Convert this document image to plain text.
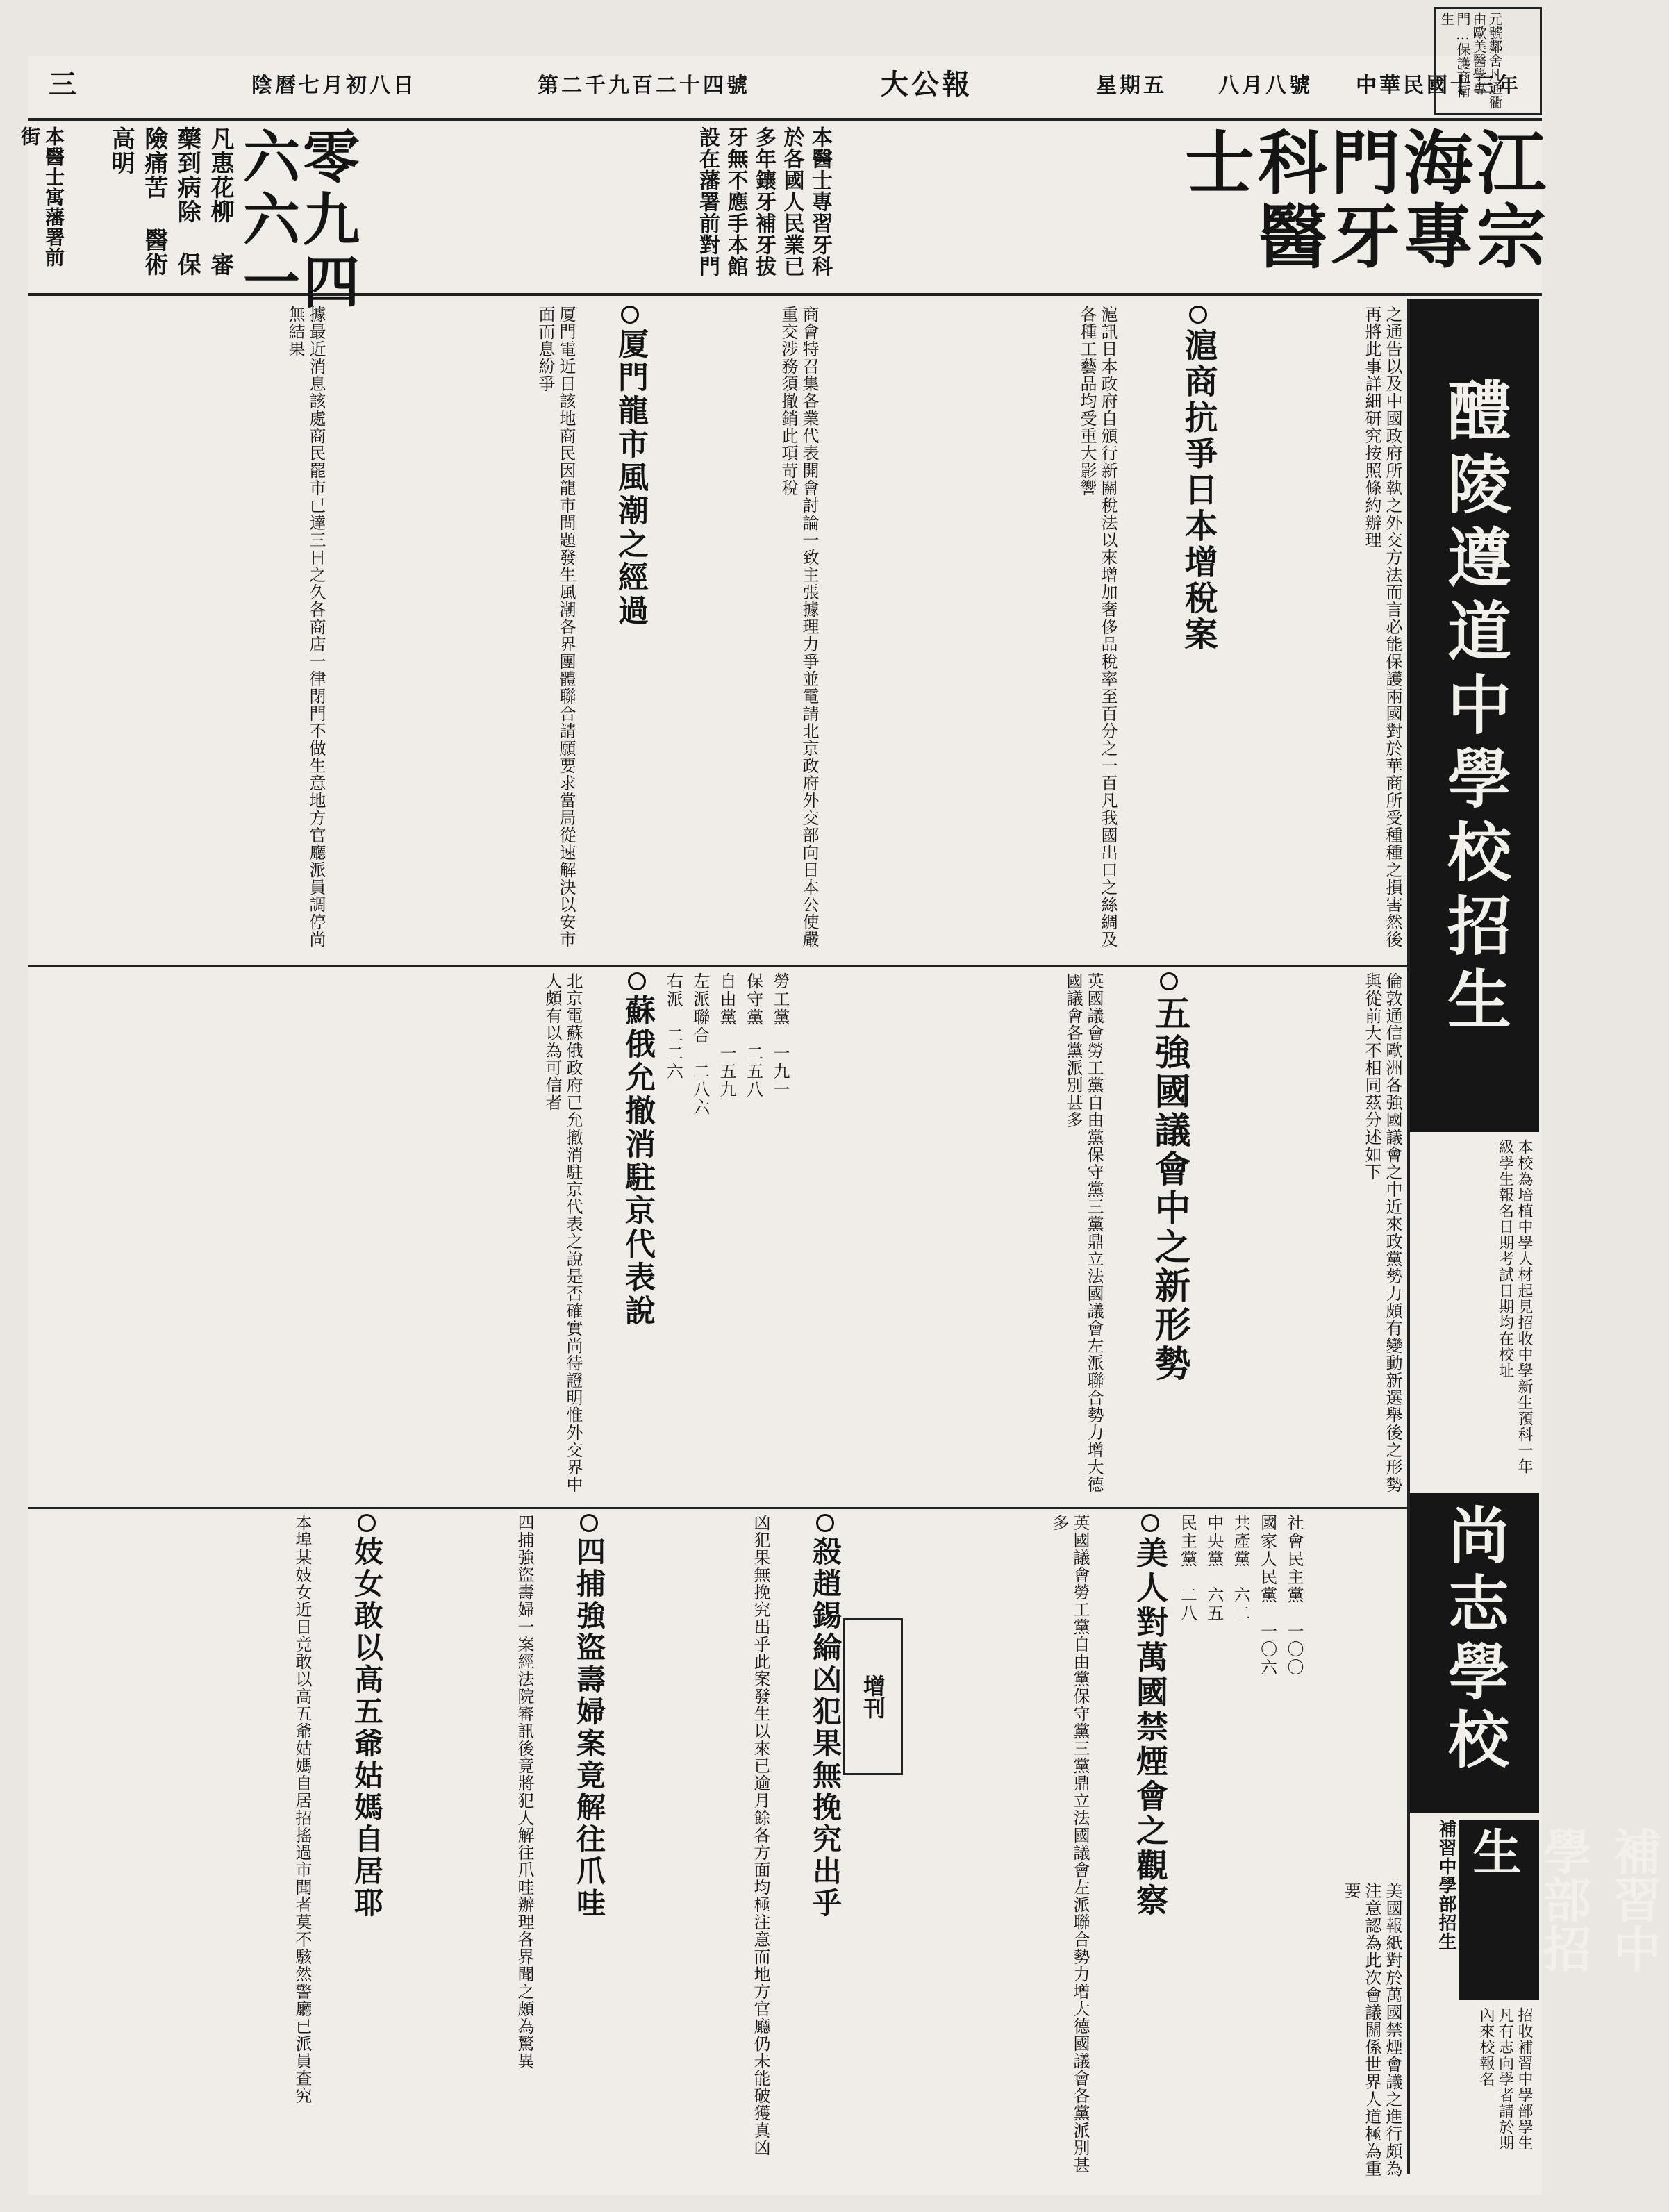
中華民國十三年
八月八號
星期五
大公報
第二千九百二十四號
陰曆七月初八日
三	元號鄰舍凡通衢由歐美醫學專門…保護商衛生
江宗海專門牙科醫士
本醫士專習牙科於各國人民業已多年鑲牙補牙拔牙無不應手本館設在藩署前對門
六零六九一四
凡惠花柳 審藥到病除 保險痛苦 醫術高明
本醫士寓藩署前街
醴陵遵道中學校招生
本校為培植中學人材起見招收中學新生預科一年級學生報名日期考試日期均在校址
尚志學校
補習中學部招生	補習中學部招生
招收補習中學部學生凡有志向學者請於期內來校報名
之通告以及中國政府所執之外交方法而言必能保護兩國對於華商所受種種之損害然後再將此事詳細研究按照條約辦理
滬商抗爭日本增稅案
滬訊日本政府自頒行新關稅法以來增加奢侈品稅率至百分之一百凡我國出口之絲綢及各種工藝品均受重大影響
商會特召集各業代表開會討論一致主張據理力爭並電請北京政府外交部向日本公使嚴重交涉務須撤銷此項苛稅
厦門龍市風潮之經過
厦門電近日該地商民因龍市問題發生風潮各界團體聯合請願要求當局從速解決以安市面而息紛爭
據最近消息該處商民罷市已達三日之久各商店一律閉門不做生意地方官廳派員調停尚無結果
倫敦通信歐洲各強國議會之中近來政黨勢力頗有變動新選舉後之形勢與從前大不相同茲分述如下
五強國議會中之新形勢
英國議會勞工黨自由黨保守黨三黨鼎立法國議會左派聯合勢力增大德國議會各黨派別甚多
勞工黨　一九一
保守黨　二五八
自由黨　一五九
左派聯合　二八六
右派　二二六
蘇俄允撤消駐京代表說
北京電蘇俄政府已允撤消駐京代表之說是否確實尚待證明惟外交界中人頗有以為可信者
社會民主黨　一〇〇
國家人民黨　一〇六
共產黨　六二
中央黨　六五
民主黨　二八
美國報紙對於萬國禁煙會議之進行頗為注意認為此次會議關係世界人道極為重要
美人對萬國禁煙會之觀察
英國議會勞工黨自由黨保守黨三黨鼎立法國議會左派聯合勢力增大德國議會各黨派別甚多
增刊
殺趙錫綸凶犯果無挽究出乎
凶犯果無挽究出乎此案發生以來已逾月餘各方面均極注意而地方官廳仍未能破獲真凶
四捕強盜壽婦案竟解往爪哇
四捕強盜壽婦一案經法院審訊後竟將犯人解往爪哇辦理各界聞之頗為驚異
妓女敢以高五爺姑媽自居耶
本埠某妓女近日竟敢以高五爺姑媽自居招搖過市聞者莫不駭然警廳已派員查究
